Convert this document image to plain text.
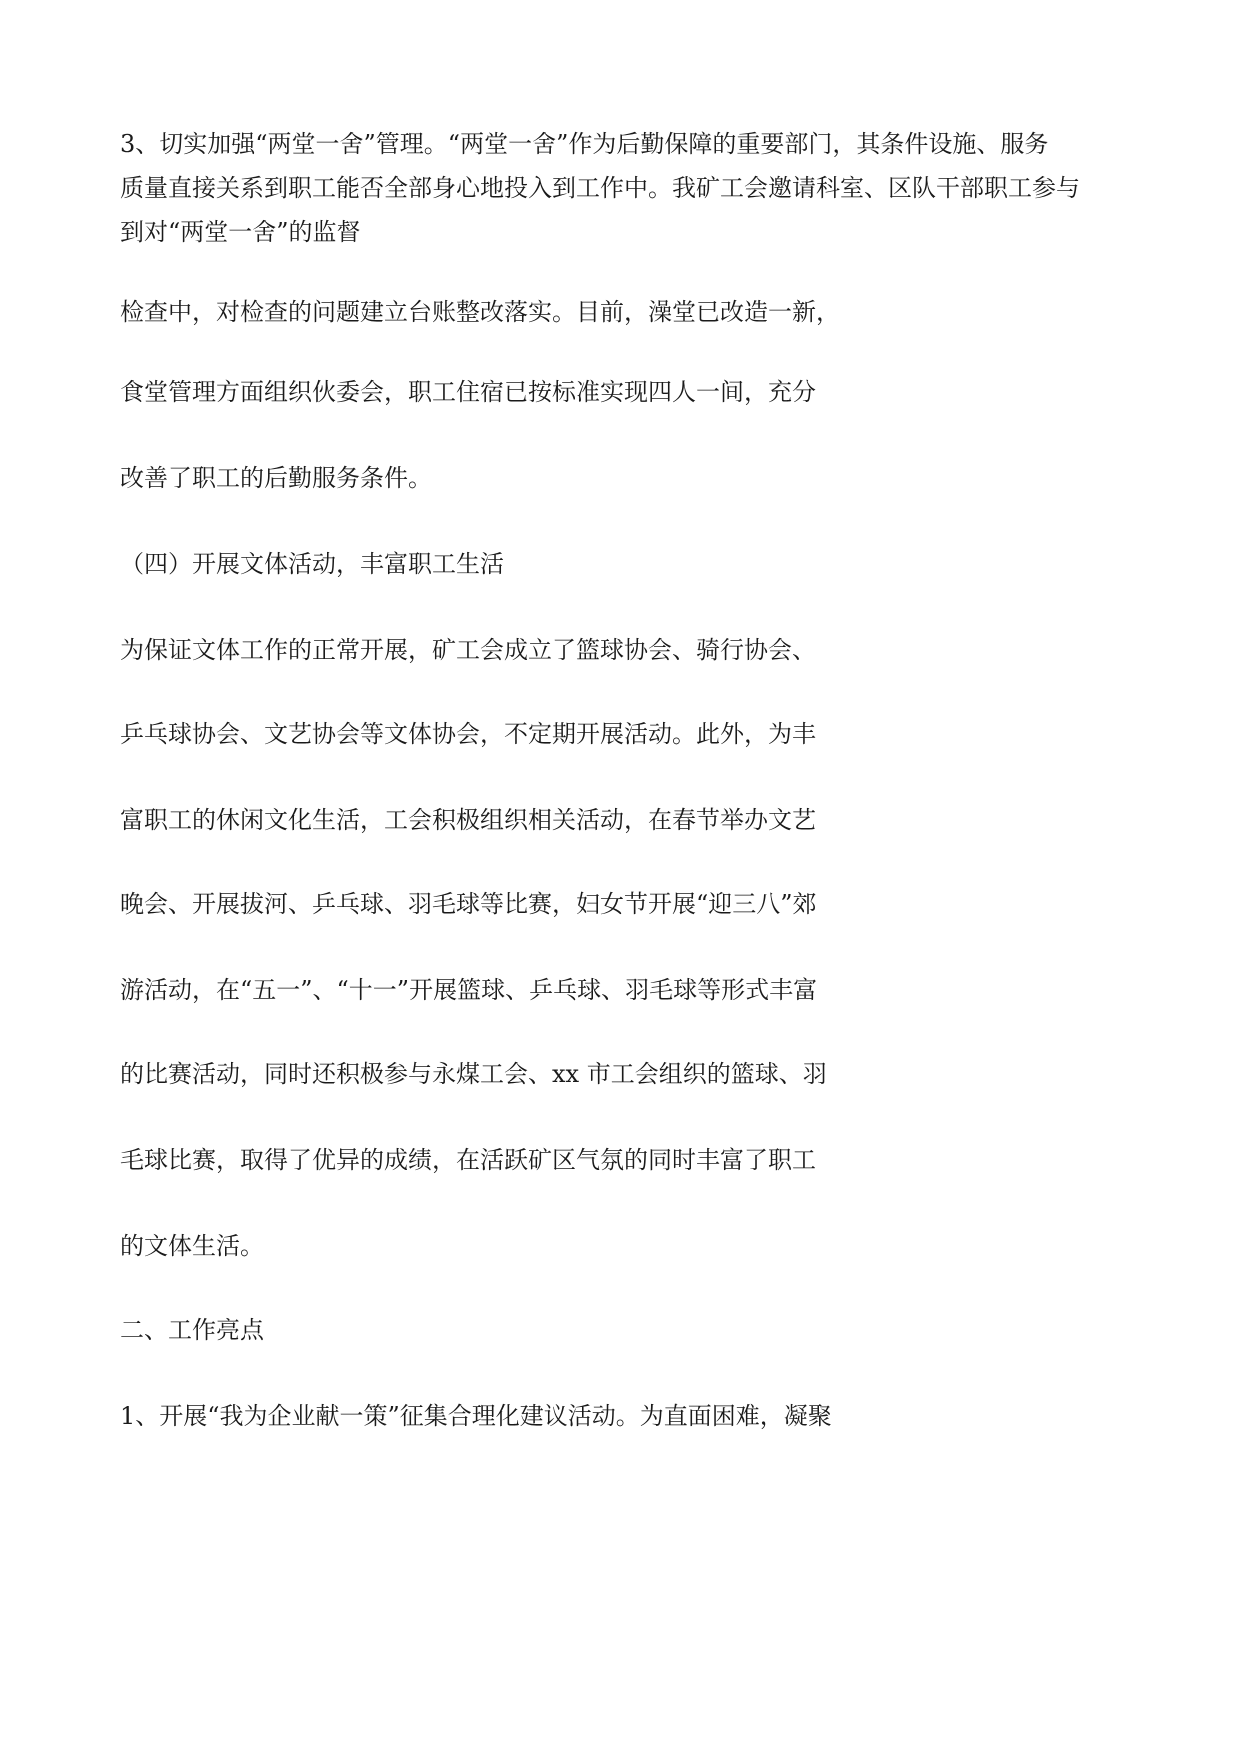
3、切实加强“两堂一舍”管理。“两堂一舍”作为后勤保障的重要部门，其条件设施、服务
质量直接关系到职工能否全部身心地投入到工作中。我矿工会邀请科室、区队干部职工参与
到对“两堂一舍”的监督
检查中，对检查的问题建立台账整改落实。目前，澡堂已改造一新，
食堂管理方面组织伙委会，职工住宿已按标准实现四人一间，充分
改善了职工的后勤服务条件。
（四）开展文体活动，丰富职工生活
为保证文体工作的正常开展，矿工会成立了篮球协会、骑行协会、
乒乓球协会、文艺协会等文体协会，不定期开展活动。此外，为丰
富职工的休闲文化生活，工会积极组织相关活动，在春节举办文艺
晚会、开展拔河、乒乓球、羽毛球等比赛，妇女节开展“迎三八”郊
游活动，在“五一”、“十一”开展篮球、乒乓球、羽毛球等形式丰富
的比赛活动，同时还积极参与永煤工会、xx 市工会组织的篮球、羽
毛球比赛，取得了优异的成绩，在活跃矿区气氛的同时丰富了职工
的文体生活。
二、工作亮点
1、开展“我为企业献一策”征集合理化建议活动。为直面困难，凝聚
